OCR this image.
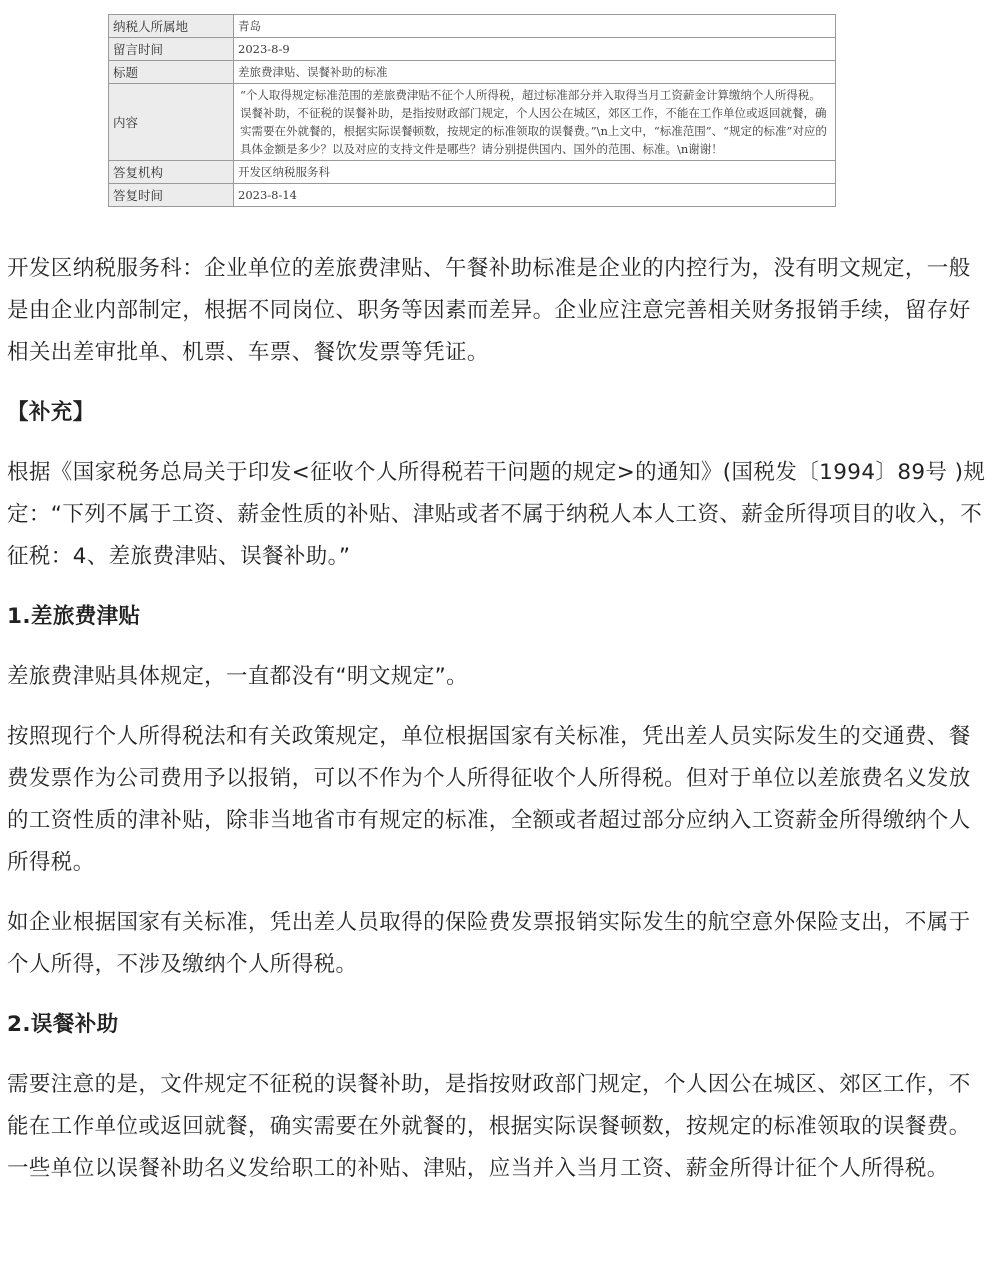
纳税人所属地	青岛
留言时间	2023-8-9
标题	差旅费津贴、误餐补助的标准
内容	“个人取得规定标准范围的差旅费津贴不征个人所得税，超过标准部分并入取得当月工资薪金计算缴纳个人所得税。误餐补助，不征税的误餐补助，是指按财政部门规定，个人因公在城区，郊区工作，不能在工作单位或返回就餐，确实需要在外就餐的，根据实际误餐顿数，按规定的标准领取的误餐费。”\n上文中，“标准范围”、“规定的标准”对应的具体金额是多少？以及对应的支持文件是哪些？请分别提供国内、国外的范围、标准。\n谢谢！
答复机构	开发区纳税服务科
答复时间	2023-8-14

开发区纳税服务科：企业单位的差旅费津贴、午餐补助标准是企业的内控行为，没有明文规定，一般是由企业内部制定，根据不同岗位、职务等因素而差异。企业应注意完善相关财务报销手续，留存好相关出差审批单、机票、车票、餐饮发票等凭证。

【补充】

根据《国家税务总局关于印发<征收个人所得税若干问题的规定>的通知》(国税发〔1994〕89号 )规定：“下列不属于工资、薪金性质的补贴、津贴或者不属于纳税人本人工资、薪金所得项目的收入，不征税：4、差旅费津贴、误餐补助。”

1.差旅费津贴

差旅费津贴具体规定，一直都没有“明文规定”。

按照现行个人所得税法和有关政策规定，单位根据国家有关标准，凭出差人员实际发生的交通费、餐费发票作为公司费用予以报销，可以不作为个人所得征收个人所得税。但对于单位以差旅费名义发放的工资性质的津补贴，除非当地省市有规定的标准，全额或者超过部分应纳入工资薪金所得缴纳个人所得税。

如企业根据国家有关标准，凭出差人员取得的保险费发票报销实际发生的航空意外保险支出，不属于个人所得，不涉及缴纳个人所得税。

2.误餐补助

需要注意的是，文件规定不征税的误餐补助，是指按财政部门规定，个人因公在城区、郊区工作，不能在工作单位或返回就餐，确实需要在外就餐的，根据实际误餐顿数，按规定的标准领取的误餐费。一些单位以误餐补助名义发给职工的补贴、津贴，应当并入当月工资、薪金所得计征个人所得税。
